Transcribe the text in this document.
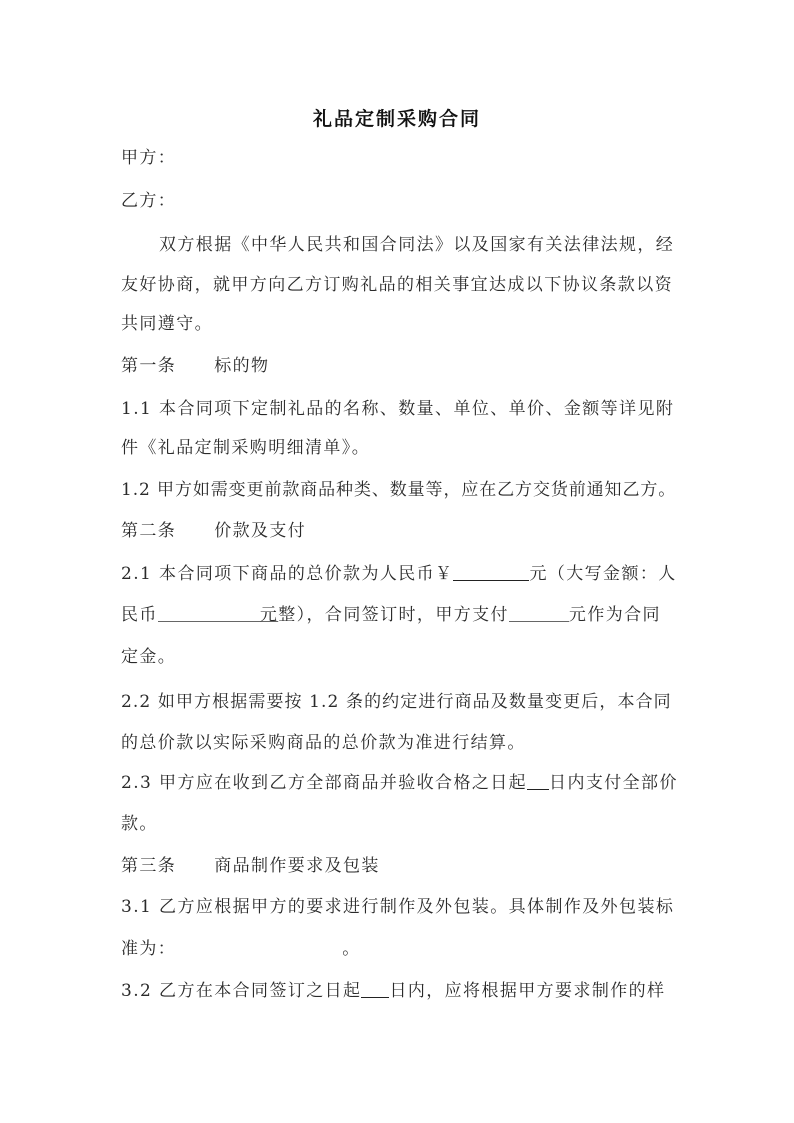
礼品定制采购合同
甲方：
乙方：
双方根据《中华人民共和国合同法》以及国家有关法律法规，经
友好协商，就甲方向乙方订购礼品的相关事宜达成以下协议条款以资
共同遵守。
第一条 标的物
1.1 本合同项下定制礼品的名称、数量、单位、单价、金额等详见附
件《礼品定制采购明细清单》。
1.2 甲方如需变更前款商品种类、数量等，应在乙方交货前通知乙方。
第二条 价款及支付
2.1 本合同项下商品的总价款为人民币￥	元（大写金额：人
民币	元整），合同签订时，甲方支付	元作为合同
定金。
2.2 如甲方根据需要按 1.2 条的约定进行商品及数量变更后，本合同
的总价款以实际采购商品的总价款为准进行结算。
2.3 甲方应在收到乙方全部商品并验收合格之日起 日内支付全部价
款。
第三条 商品制作要求及包装
3.1 乙方应根据甲方的要求进行制作及外包装。具体制作及外包装标
准为：	。
3.2 乙方在本合同签订之日起 日内，应将根据甲方要求制作的样
